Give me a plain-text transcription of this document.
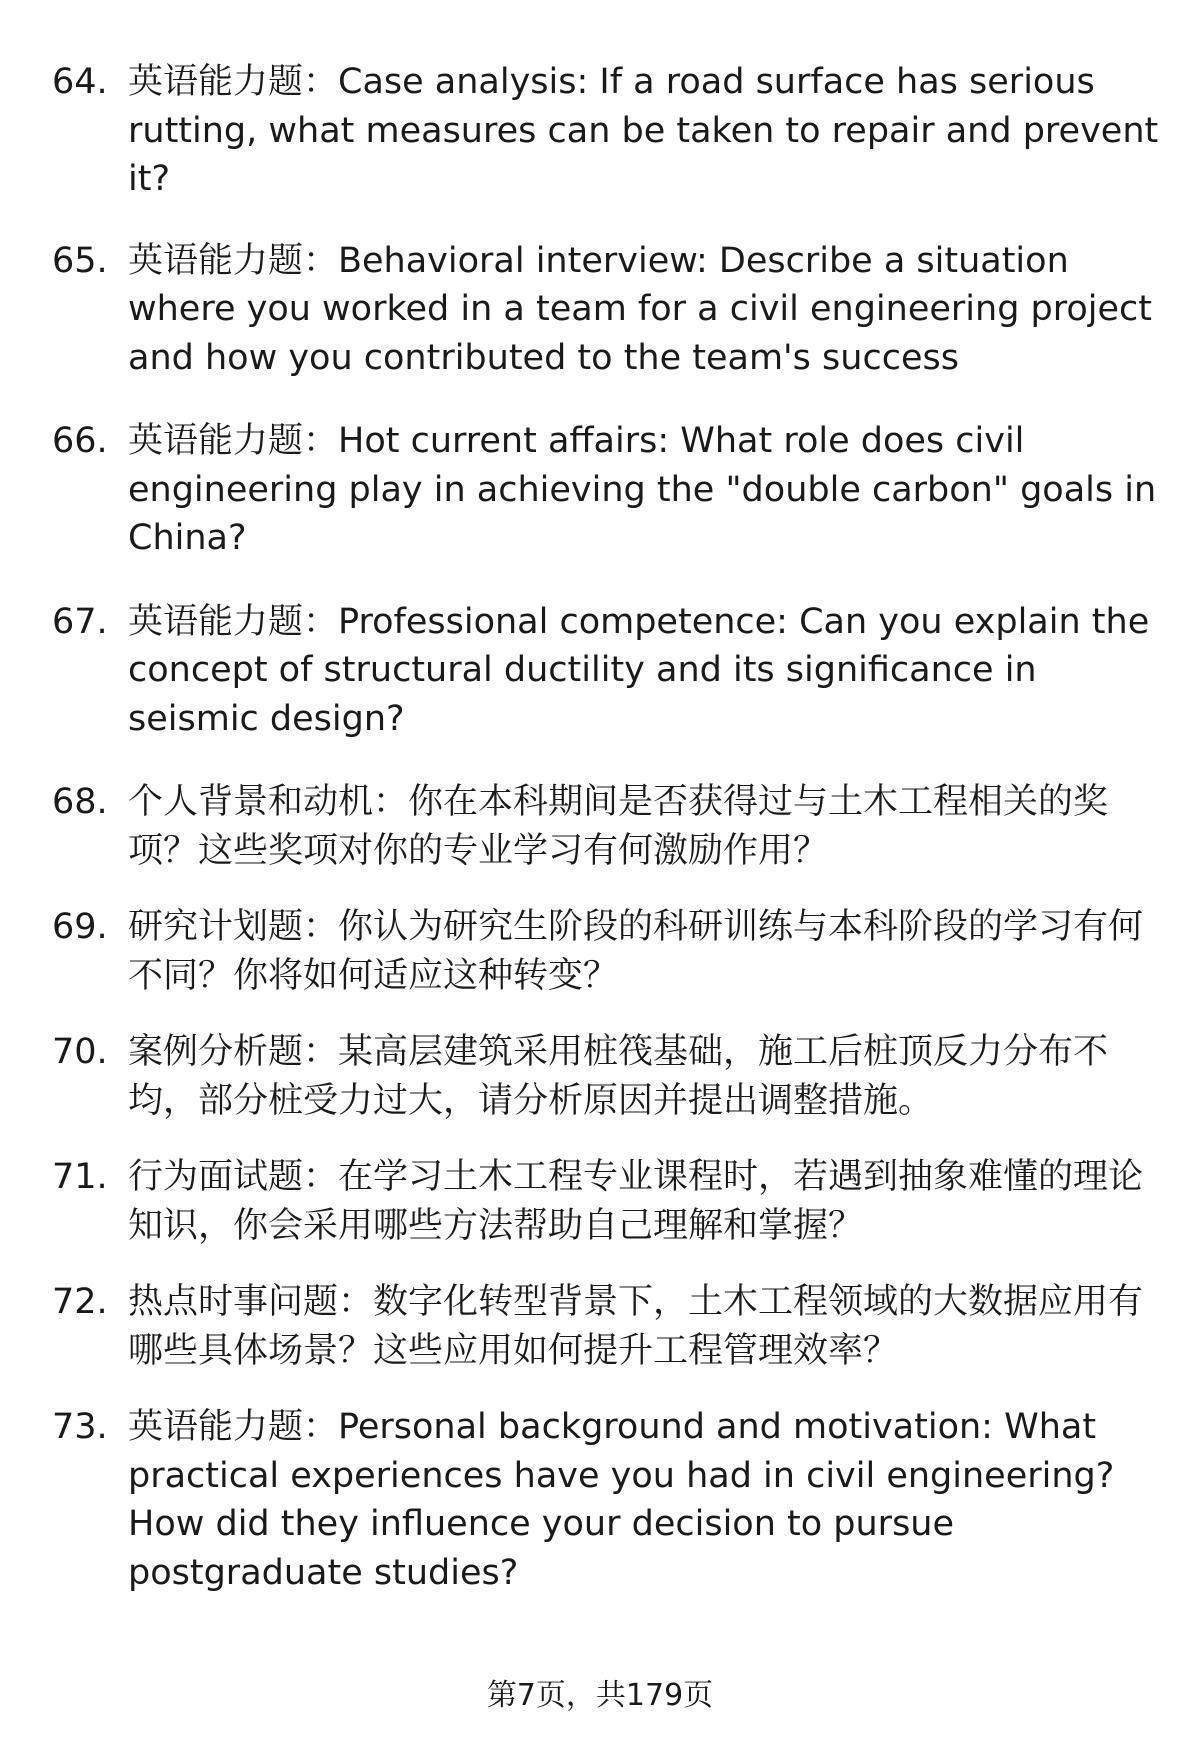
64. 英语能力题：Case analysis: If a road surface has serious rutting, what measures can be taken to repair and prevent it?
65. 英语能力题：Behavioral interview: Describe a situation where you worked in a team for a civil engineering project and how you contributed to the team's success
66. 英语能力题：Hot current affairs: What role does civil engineering play in achieving the "double carbon" goals in China?
67. 英语能力题：Professional competence: Can you explain the concept of structural ductility and its significance in seismic design?
68. 个人背景和动机：你在本科期间是否获得过与土木工程相关的奖项？这些奖项对你的专业学习有何激励作用？
69. 研究计划题：你认为研究生阶段的科研训练与本科阶段的学习有何不同？你将如何适应这种转变？
70. 案例分析题：某高层建筑采用桩筏基础，施工后桩顶反力分布不均，部分桩受力过大，请分析原因并提出调整措施。
71. 行为面试题：在学习土木工程专业课程时，若遇到抽象难懂的理论知识，你会采用哪些方法帮助自己理解和掌握？
72. 热点时事问题：数字化转型背景下，土木工程领域的大数据应用有哪些具体场景？这些应用如何提升工程管理效率？
73. 英语能力题：Personal background and motivation: What practical experiences have you had in civil engineering? How did they influence your decision to pursue postgraduate studies?
第7页，共179页
